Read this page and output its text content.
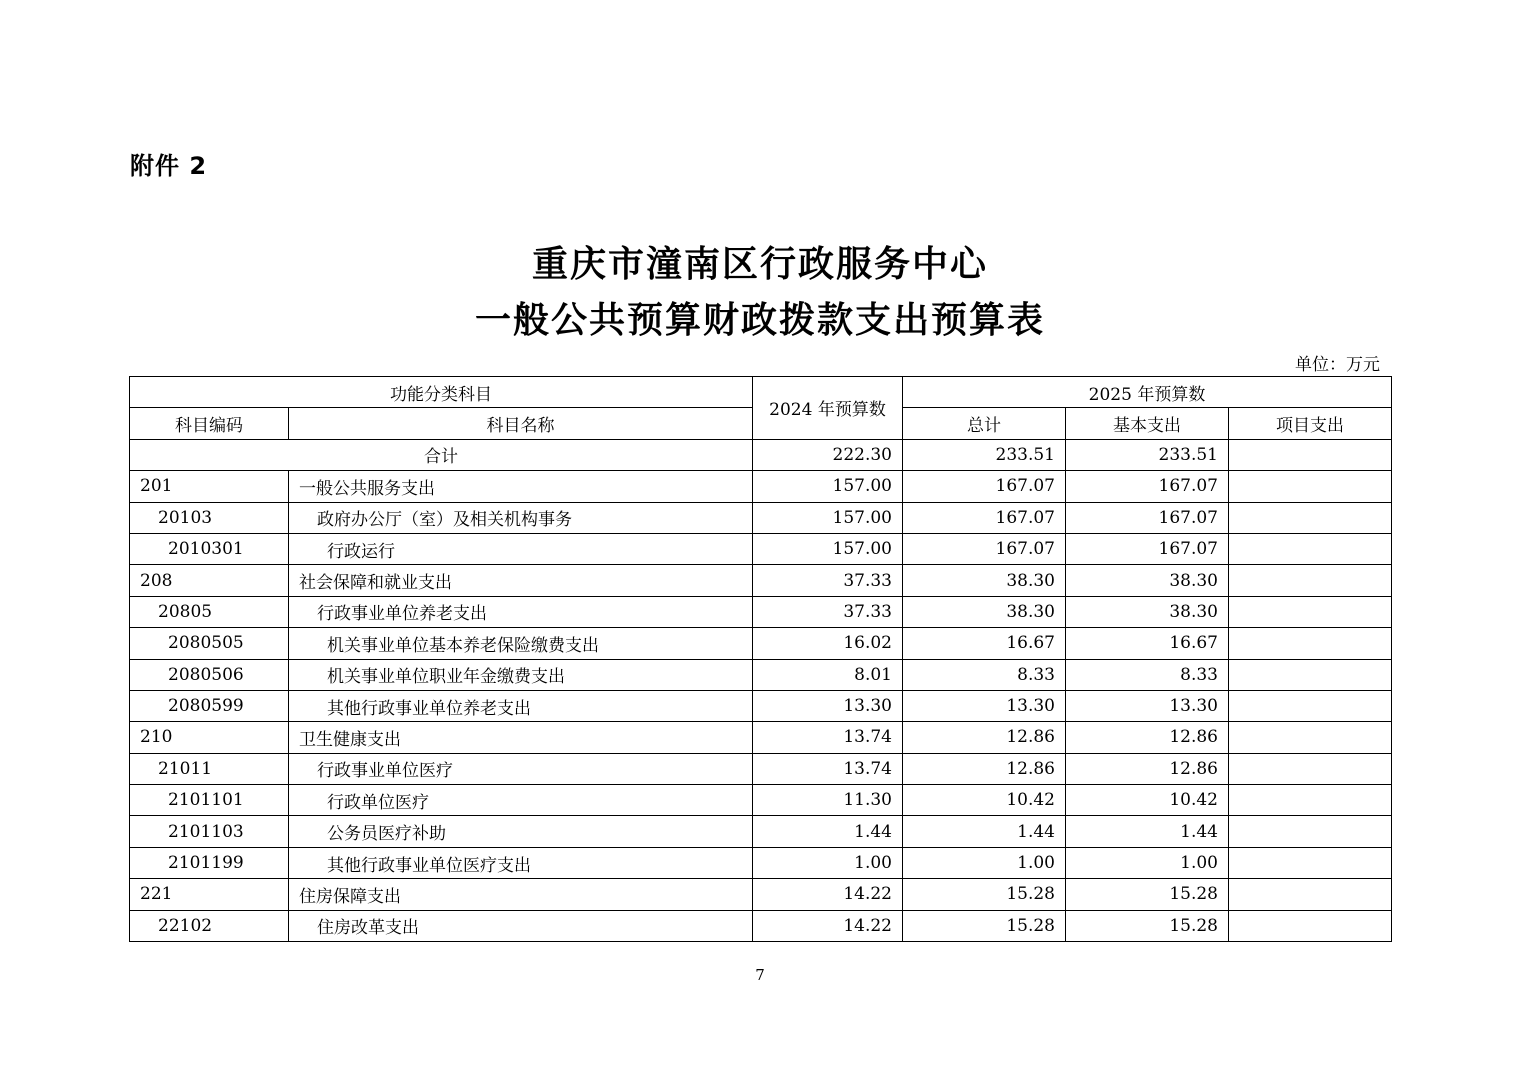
附件 2
重庆市潼南区行政服务中心
一般公共预算财政拨款支出预算表
单位：万元
功能分类科目		2024 年预算数	2025 年预算数		
科目编码	科目名称		总计	基本支出	项目支出
合计		222.30	233.51	233.51	
201	一般公共服务支出	157.00	167.07	167.07	
20103	政府办公厅（室）及相关机构事务	157.00	167.07	167.07	
2010301	行政运行	157.00	167.07	167.07	
208	社会保障和就业支出	37.33	38.30	38.30	
20805	行政事业单位养老支出	37.33	38.30	38.30	
2080505	机关事业单位基本养老保险缴费支出	16.02	16.67	16.67	
2080506	机关事业单位职业年金缴费支出	8.01	8.33	8.33	
2080599	其他行政事业单位养老支出	13.30	13.30	13.30	
210	卫生健康支出	13.74	12.86	12.86	
21011	行政事业单位医疗	13.74	12.86	12.86	
2101101	行政单位医疗	11.30	10.42	10.42	
2101103	公务员医疗补助	1.44	1.44	1.44	
2101199	其他行政事业单位医疗支出	1.00	1.00	1.00	
221	住房保障支出	14.22	15.28	15.28	
22102	住房改革支出	14.22	15.28	15.28	
7
